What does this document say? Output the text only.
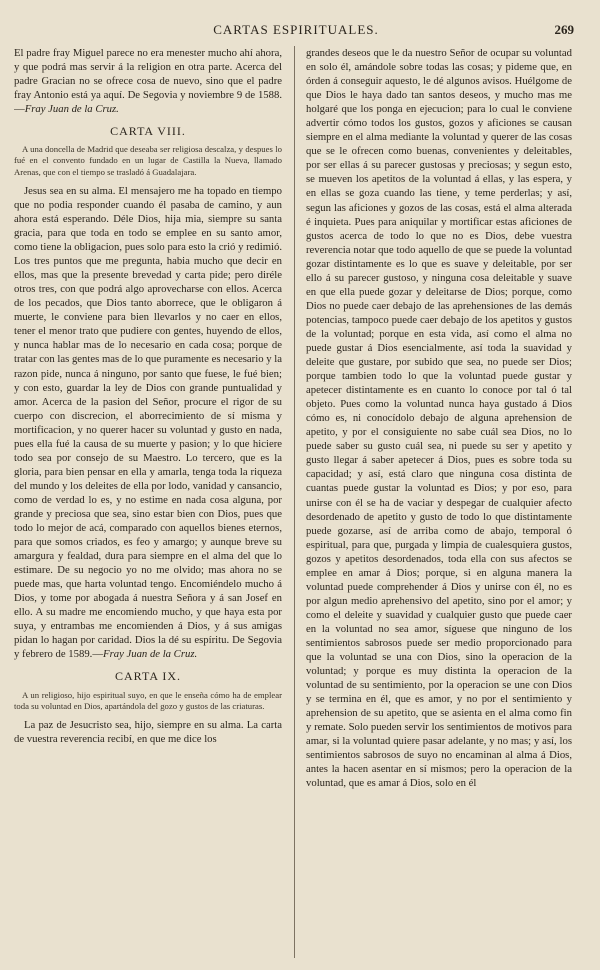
CARTAS ESPIRITUALES.	269

El padre fray Miguel parece no era menester mucho ahí ahora, y que podrá mas servir á la religion en otra parte. Acerca del padre Gracian no se ofrece cosa de nuevo, sino que el padre fray Antonio está ya aquí. De Segovia y noviembre 9 de 1588.—Fray Juan de la Cruz.

CARTA VIII.
A una doncella de Madrid que deseaba ser religiosa descalza, y despues lo fué en el convento fundado en un lugar de Castilla la Nueva, llamado Arenas, que con el tiempo se trasladó á Guadalajara.

Jesus sea en su alma. El mensajero me ha topado en tiempo que no podia responder cuando él pasaba de camino, y aun ahora está esperando. Déle Dios, hija mia, siempre su santa gracia, para que toda en todo se emplee en su santo amor, como tiene la obligacion, pues solo para esto la crió y redimió. Los tres puntos que me pregunta, habia mucho que decir en ellos, mas que la presente brevedad y carta pide; pero diréle otros tres, con que podrá algo aprovecharse con ellos. Acerca de los pecados, que Dios tanto aborrece, que le obligaron á muerte, le conviene para bien llevarlos y no caer en ellos, tener el menor trato que pudiere con gentes, huyendo de ellos, y nunca hablar mas de lo necesario en cada cosa; porque de tratar con las gentes mas de lo que puramente es necesario y la razon pide, nunca á ninguno, por santo que fuese, le fué bien; y con esto, guardar la ley de Dios con grande puntualidad y amor. Acerca de la pasion del Señor, procure el rigor de su cuerpo con discrecion, el aborrecimiento de sí misma y mortificacion, y no querer hacer su voluntad y gusto en nada, pues ella fué la causa de su muerte y pasion; y lo que hiciere todo sea por consejo de su Maestro. Lo tercero, que es la gloria, para bien pensar en ella y amarla, tenga toda la riqueza del mundo y los deleites de ella por lodo, vanidad y cansancio, como de verdad lo es, y no estime en nada cosa alguna, por grande y preciosa que sea, sino estar bien con Dios, pues que todo lo mejor de acá, comparado con aquellos bienes eternos, para que somos criados, es feo y amargo; y aunque breve su amargura y fealdad, dura para siempre en el alma del que lo estimare. De su negocio yo no me olvido; mas ahora no se puede mas, que harta voluntad tengo. Encomiéndelo mucho á Dios, y tome por abogada á nuestra Señora y á san Josef en ello. A su madre me encomiendo mucho, y que haya esta por suya, y entrambas me encomienden á Dios, y á sus amigas pidan lo hagan por caridad. Dios la dé su espíritu. De Segovia y febrero de 1589.—Fray Juan de la Cruz.

CARTA IX.
A un religioso, hijo espiritual suyo, en que le enseña cómo ha de emplear toda su voluntad en Dios, apartándola del gozo y gustos de las criaturas.

La paz de Jesucristo sea, hijo, siempre en su alma. La carta de vuestra reverencia recibí, en que me dice los

grandes deseos que le da nuestro Señor de ocupar su voluntad en solo él, amándole sobre todas las cosas; y pideme que, en órden á conseguir aquesto, le dé algunos avisos. Huélgome de que Dios le haya dado tan santos deseos, y mucho mas me holgaré que los ponga en ejecucion; para lo cual le conviene advertir cómo todos los gustos, gozos y aficiones se causan siempre en el alma mediante la voluntad y querer de las cosas que se le ofrecen como buenas, convenientes y deleitables, por ser ellas á su parecer gustosas y preciosas; y segun esto, se mueven los apetitos de la voluntad á ellas, y las espera, y en ellas se goza cuando las tiene, y teme perderlas; y así, segun las aficiones y gozos de las cosas, está el alma alterada é inquieta. Pues para aniquilar y mortificar estas aficiones de gustos acerca de todo lo que no es Dios, debe vuestra reverencia notar que todo aquello de que se puede la voluntad gozar distintamente es lo que es suave y deleitable, por ser ello á su parecer gustoso, y ninguna cosa deleitable y suave en que ella puede gozar y deleitarse de Dios; porque, como Dios no puede caer debajo de las aprehensiones de las demás potencias, tampoco puede caer debajo de los apetitos y gustos de la voluntad; porque en esta vida, así como el alma no puede gustar á Dios esencialmente, así toda la suavidad y deleite que gustare, por subido que sea, no puede ser Dios; porque tambien todo lo que la voluntad puede gustar y apetecer distintamente es en cuanto lo conoce por tal ó tal objeto. Pues como la voluntad nunca haya gustado á Dios cómo es, ni conocídolo debajo de alguna aprehension de apetito, y por el consiguiente no sabe cuál sea Dios, no lo puede saber su gusto cuál sea, ni puede su ser y apetito y gusto llegar á saber apetecer á Dios, pues es sobre toda su capacidad; y así, está claro que ninguna cosa distinta de cuantas puede gustar la voluntad es Dios; y por eso, para unirse con él se ha de vaciar y despegar de cualquier afecto desordenado de apetito y gusto de todo lo que distintamente puede gozarse, así de arriba como de abajo, temporal ó espiritual, para que, purgada y limpia de cualesquiera gustos, gozos y apetitos desordenados, toda ella con sus afectos se emplee en amar á Dios; porque, si en alguna manera la voluntad puede comprehender á Dios y unirse con él, no es por algun medio aprehensivo del apetito, sino por el amor; y como el deleite y suavidad y cualquier gusto que puede caer en la voluntad no sea amor, síguese que ninguno de los sentimientos sabrosos puede ser medio proporcionado para que la voluntad se una con Dios, sino la operacion de la voluntad; y porque es muy distinta la operacion de la voluntad de su sentimiento, por la operacion se une con Dios y se termina en él, que es amor, y no por el sentimiento y aprehension de su apetito, que se asienta en el alma como fin y remate. Solo pueden servir los sentimientos de motivos para amar, si la voluntad quiere pasar adelante, y no mas; y así, los sentimientos sabrosos de suyo no encaminan al alma á Dios, antes la hacen asentar en sí mismos; pero la operacion de la voluntad, que es amar á Dios, solo en él
